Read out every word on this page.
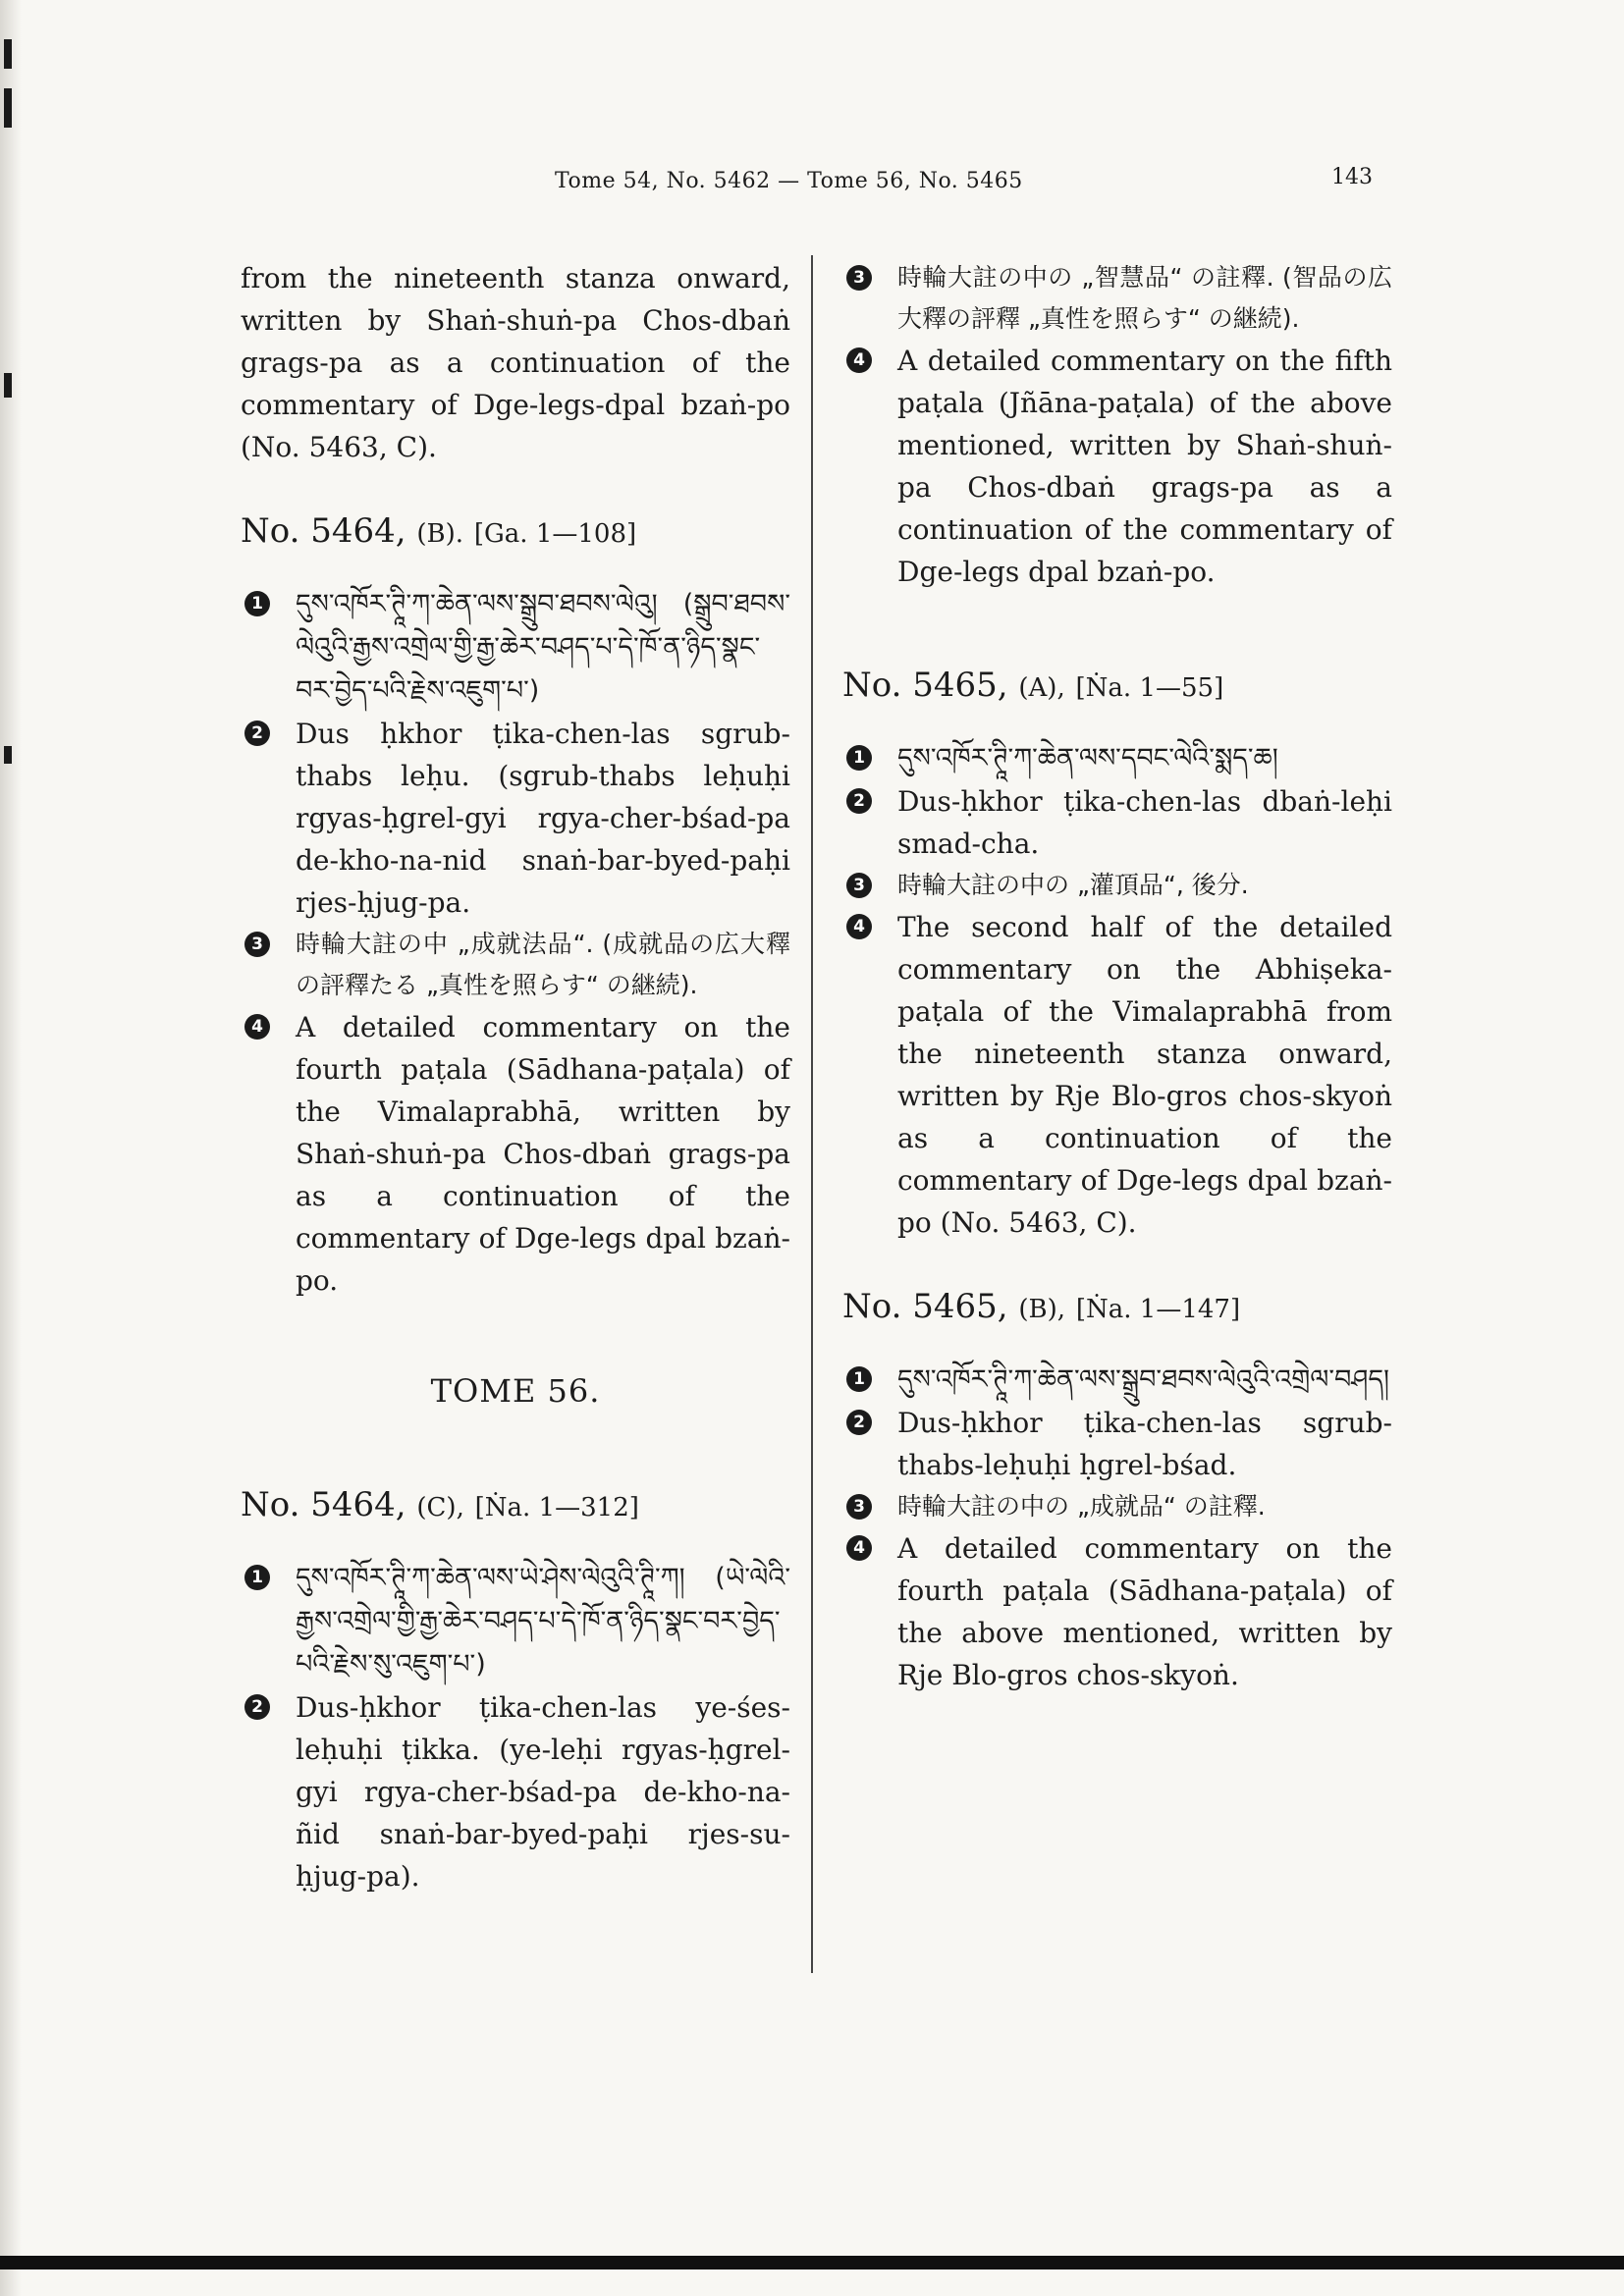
Tome 54, No. 5462 — Tome 56, No. 5465	143

from the nineteenth stanza onward, written by Shaṅ-shuṅ-pa Chos-dbaṅ grags-pa as a continuation of the commentary of Dge-legs-dpal bzaṅ-po (No. 5463, C).

No. 5464, (B). [Ga. 1—108]

1 དུས་འཁོར་ཊཱི་ཀ་ཆེན་ལས་སྒྲུབ་ཐབས་ལེའུ། (སྒྲུབ་ཐབས་ལེའུའི་རྒྱས་འགྲེལ་གྱི་རྒྱ་ཆེར་བཤད་པ་དེ་ཁོ་ན་ཉིད་སྣང་བར་བྱེད་པའི་རྗེས་འཇུག་པ་)

2 Dus ḥkhor ṭika-chen-las sgrub-thabs leḥu. (sgrub-thabs leḥuḥi rgyas-ḥgrel-gyi rgya-cher-bśad-pa de-kho-na-nid snaṅ-bar-byed-paḥi rjes-ḥjug-pa.

3 時輪大註の中 „成就法品“. (成就品の広大釋の評釋たる „真性を照らす“ の継続).

4 A detailed commentary on the fourth paṭala (Sādhana-paṭala) of the Vimalaprabhā, written by Shaṅ-shuṅ-pa Chos-dbaṅ grags-pa as a continuation of the commentary of Dge-legs dpal bzaṅ-po.

TOME 56.

No. 5464, (C), [Ṅa. 1—312]

1 དུས་འཁོར་ཊཱི་ཀ་ཆེན་ལས་ཡེ་ཤེས་ལེའུའི་ཊཱི་ཀ། (ཡེ་ལེའི་རྒྱས་འགྲེལ་གྱི་རྒྱ་ཆེར་བཤད་པ་དེ་ཁོ་ན་ཉིད་སྣང་བར་བྱེད་པའི་རྗེས་སུ་འཇུག་པ་)

2 Dus-ḥkhor ṭika-chen-las ye-śes-leḥuḥi ṭikka. (ye-leḥi rgyas-ḥgrel-gyi rgya-cher-bśad-pa de-kho-na-ñid snaṅ-bar-byed-paḥi rjes-su-ḥjug-pa).

3 時輪大註の中の „智慧品“ の註釋. (智品の広大釋の評釋 „真性を照らす“ の継続).

4 A detailed commentary on the fifth paṭala (Jñāna-paṭala) of the above mentioned, written by Shaṅ-shuṅ-pa Chos-dbaṅ grags-pa as a continuation of the commentary of Dge-legs dpal bzaṅ-po.

No. 5465, (A), [Ṅa. 1—55]

1 དུས་འཁོར་ཊཱི་ཀ་ཆེན་ལས་དབང་ལེའི་སྨད་ཆ།

2 Dus-ḥkhor ṭika-chen-las dbaṅ-leḥi smad-cha.

3 時輪大註の中の „灌頂品“, 後分.

4 The second half of the detailed commentary on the Abhiṣeka-paṭala of the Vimalaprabhā from the nineteenth stanza onward, written by Rje Blo-gros chos-skyoṅ as a continuation of the commentary of Dge-legs dpal bzaṅ-po (No. 5463, C).

No. 5465, (B), [Ṅa. 1—147]

1 དུས་འཁོར་ཊཱི་ཀ་ཆེན་ལས་སྒྲུབ་ཐབས་ལེའུའི་འགྲེལ་བཤད།

2 Dus-ḥkhor ṭika-chen-las sgrub-thabs-leḥuḥi ḥgrel-bśad.

3 時輪大註の中の „成就品“ の註釋.

4 A detailed commentary on the fourth paṭala (Sādhana-paṭala) of the above mentioned, written by Rje Blo-gros chos-skyoṅ.
